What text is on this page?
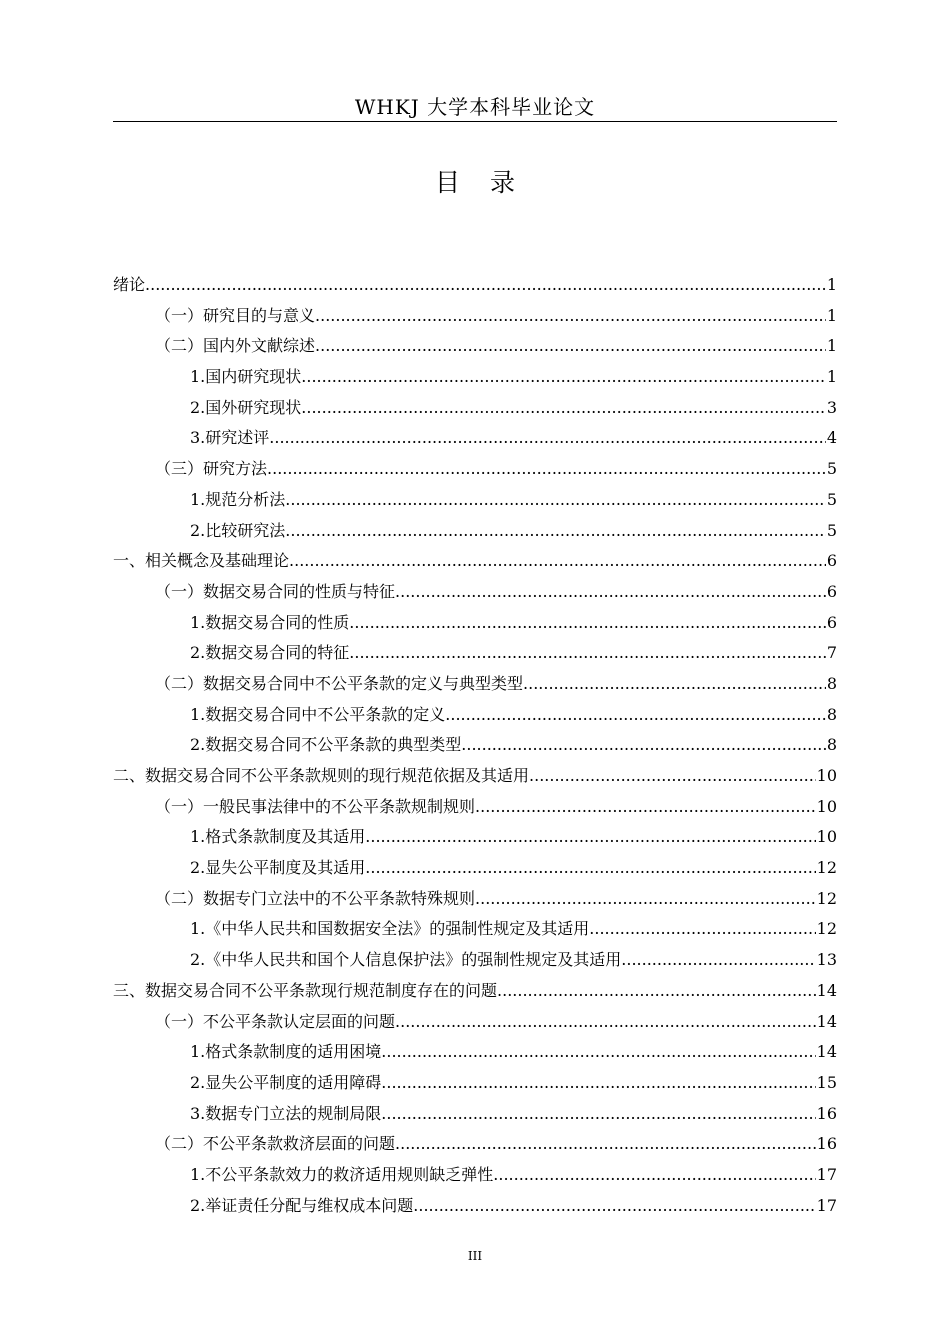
WHKJ 大学本科毕业论文
目录
绪论 .....	1
（一）研究目的与意义 .....	1
（二）国内外文献综述 .....	1
1.国内研究现状 .....	1
2.国外研究现状 .....	3
3.研究述评 .....	4
（三）研究方法 .....	5
1.规范分析法 .....	5
2.比较研究法 .....	5
一、相关概念及基础理论 .....	6
（一）数据交易合同的性质与特征 .....	6
1.数据交易合同的性质 .....	6
2.数据交易合同的特征 .....	7
（二）数据交易合同中不公平条款的定义与典型类型 .....	8
1.数据交易合同中不公平条款的定义 .....	8
2.数据交易合同不公平条款的典型类型 .....	8
二、数据交易合同不公平条款规则的现行规范依据及其适用 .....	10
（一）一般民事法律中的不公平条款规制规则 .....	10
1.格式条款制度及其适用 .....	10
2.显失公平制度及其适用 .....	12
（二）数据专门立法中的不公平条款特殊规则 .....	12
1.《中华人民共和国数据安全法》的强制性规定及其适用 .....	12
2.《中华人民共和国个人信息保护法》的强制性规定及其适用 .....	13
三、数据交易合同不公平条款现行规范制度存在的问题 .....	14
（一）不公平条款认定层面的问题 .....	14
1.格式条款制度的适用困境 .....	14
2.显失公平制度的适用障碍 .....	15
3.数据专门立法的规制局限 .....	16
（二）不公平条款救济层面的问题 .....	16
1.不公平条款效力的救济适用规则缺乏弹性 .....	17
2.举证责任分配与维权成本问题 .....	17
III
